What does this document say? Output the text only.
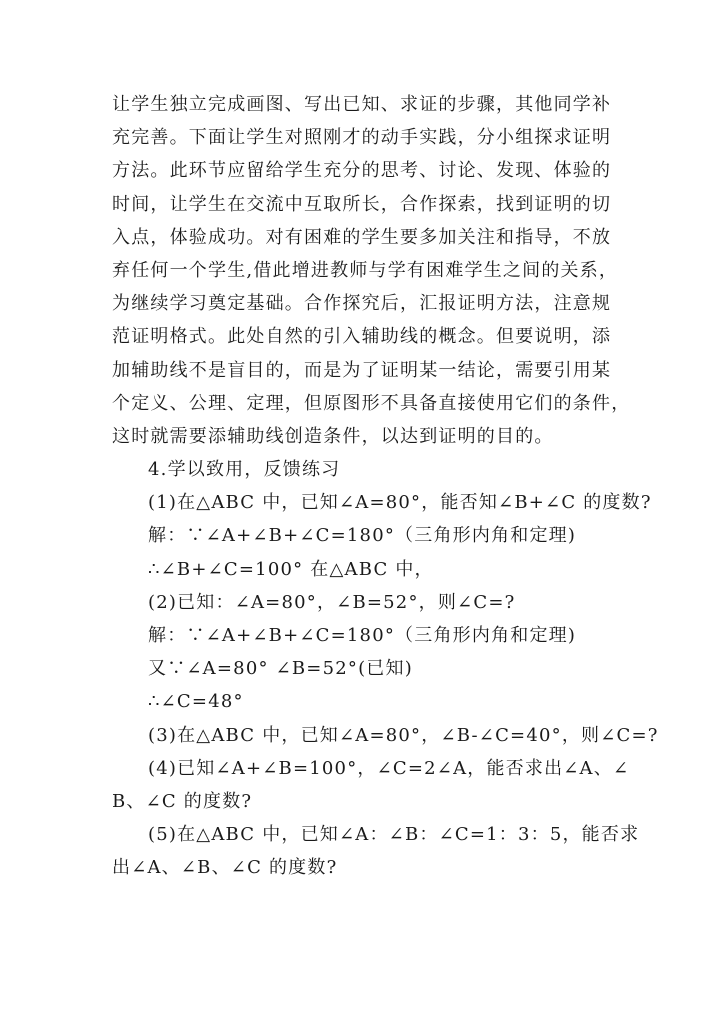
让学生独立完成画图、写出已知、求证的步骤，其他同学补
充完善。下面让学生对照刚才的动手实践，分小组探求证明
方法。此环节应留给学生充分的思考、讨论、发现、体验的
时间，让学生在交流中互取所长，合作探索，找到证明的切
入点，体验成功。对有困难的学生要多加关注和指导，不放
弃任何一个学生,借此增进教师与学有困难学生之间的关系，
为继续学习奠定基础。合作探究后，汇报证明方法，注意规
范证明格式。此处自然的引入辅助线的概念。但要说明，添
加辅助线不是盲目的，而是为了证明某一结论，需要引用某
个定义、公理、定理，但原图形不具备直接使用它们的条件，
这时就需要添辅助线创造条件，以达到证明的目的。
4.学以致用，反馈练习
(1)在△ABC 中，已知∠A=80°，能否知∠B+∠C 的度数?
解：∵∠A+∠B+∠C=180°（三角形内角和定理)
∴∠B+∠C=100° 在△ABC 中，
(2)已知：∠A=80°，∠B=52°，则∠C=?
解：∵∠A+∠B+∠C=180°（三角形内角和定理)
又∵∠A=80° ∠B=52°(已知)
∴∠C=48°
(3)在△ABC 中，已知∠A=80°，∠B-∠C=40°，则∠C=?
(4)已知∠A+∠B=100°，∠C=2∠A，能否求出∠A、∠
B、∠C 的度数?
(5)在△ABC 中，已知∠A：∠B：∠C=1：3：5，能否求
出∠A、∠B、∠C 的度数?
